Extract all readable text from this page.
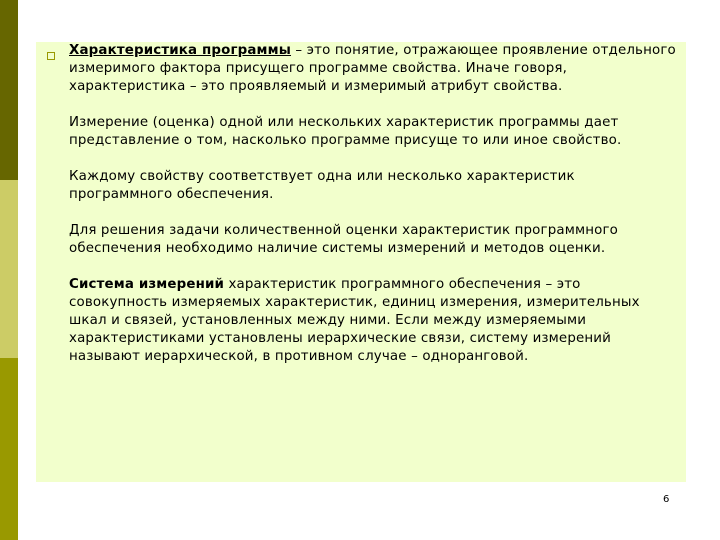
Характеристика программы – это понятие, отражающее проявление отдельного измеримого фактора присущего программе свойства. Иначе говоря, характеристика – это проявляемый и измеримый атрибут свойства.

Измерение (оценка) одной или нескольких характеристик программы дает представление о том, насколько программе присуще то или иное свойство.

Каждому свойству соответствует одна или несколько характеристик программного обеспечения.

Для решения задачи количественной оценки характеристик программного обеспечения необходимо наличие системы измерений и методов оценки.

Система измерений характеристик программного обеспечения – это совокупность измеряемых характеристик, единиц измерения, измерительных шкал и связей, установленных между ними. Если между измеряемыми характеристиками установлены иерархические связи, систему измерений называют иерархической, в противном случае – одноранговой.

6
